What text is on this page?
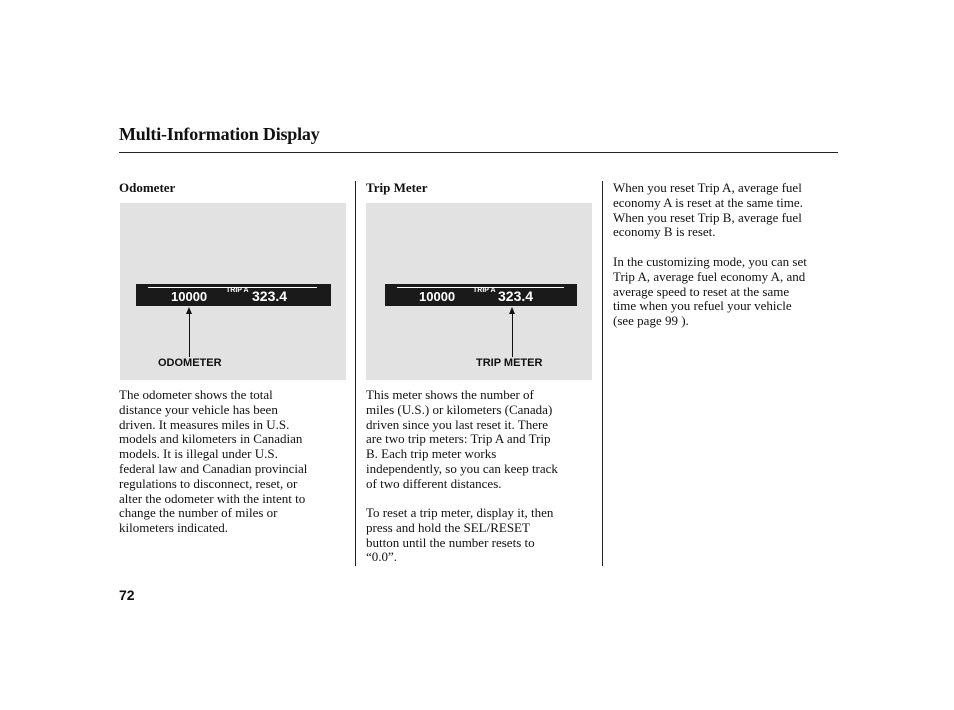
Multi-Information Display
Odometer
10000	TRIP A 323.4
ODOMETER
The odometer shows the total
distance your vehicle has been
driven. It measures miles in U.S.
models and kilometers in Canadian
models. It is illegal under U.S.
federal law and Canadian provincial
regulations to disconnect, reset, or
alter the odometer with the intent to
change the number of miles or
kilometers indicated.
Trip Meter
10000	TRIP A 323.4
TRIP METER
This meter shows the number of
miles (U.S.) or kilometers (Canada)
driven since you last reset it. There
are two trip meters: Trip A and Trip
B. Each trip meter works
independently, so you can keep track
of two different distances.
To reset a trip meter, display it, then
press and hold the SEL/RESET
button until the number resets to
“0.0”.
When you reset Trip A, average fuel
economy A is reset at the same time.
When you reset Trip B, average fuel
economy B is reset.
In the customizing mode, you can set
Trip A, average fuel economy A, and
average speed to reset at the same
time when you refuel your vehicle
(see page 99 ).
72
